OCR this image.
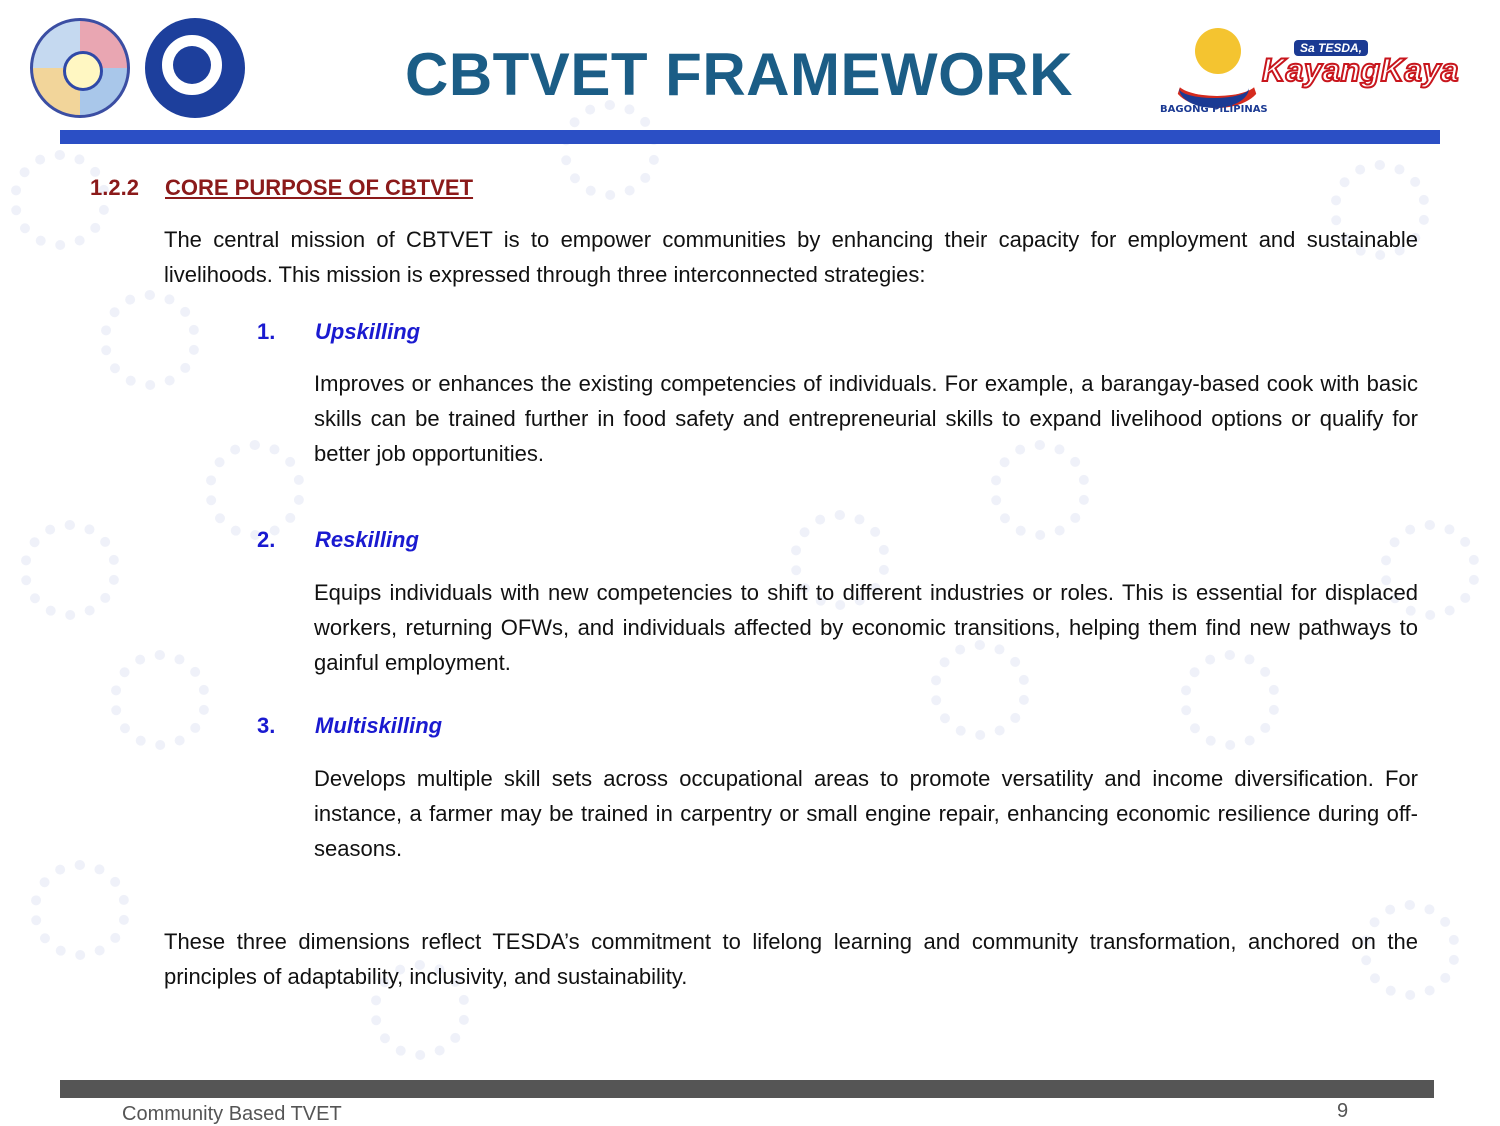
CBTVET FRAMEWORK
BAGONG PILIPINAS
Sa TESDA,
KayangKaya
1.2.2 CORE PURPOSE OF CBTVET
The central mission of CBTVET is to empower communities by enhancing their capacity for employment and sustainable livelihoods. This mission is expressed through three interconnected strategies:
1. Upskilling
Improves or enhances the existing competencies of individuals. For example, a barangay-based cook with basic skills can be trained further in food safety and entrepreneurial skills to expand livelihood options or qualify for better job opportunities.
2. Reskilling
Equips individuals with new competencies to shift to different industries or roles. This is essential for displaced workers, returning OFWs, and individuals affected by economic transitions, helping them find new pathways to gainful employment.
3. Multiskilling
Develops multiple skill sets across occupational areas to promote versatility and income diversification. For instance, a farmer may be trained in carpentry or small engine repair, enhancing economic resilience during off-seasons.
These three dimensions reflect TESDA’s commitment to lifelong learning and community transformation, anchored on the principles of adaptability, inclusivity, and sustainability.
Community Based TVET	9
